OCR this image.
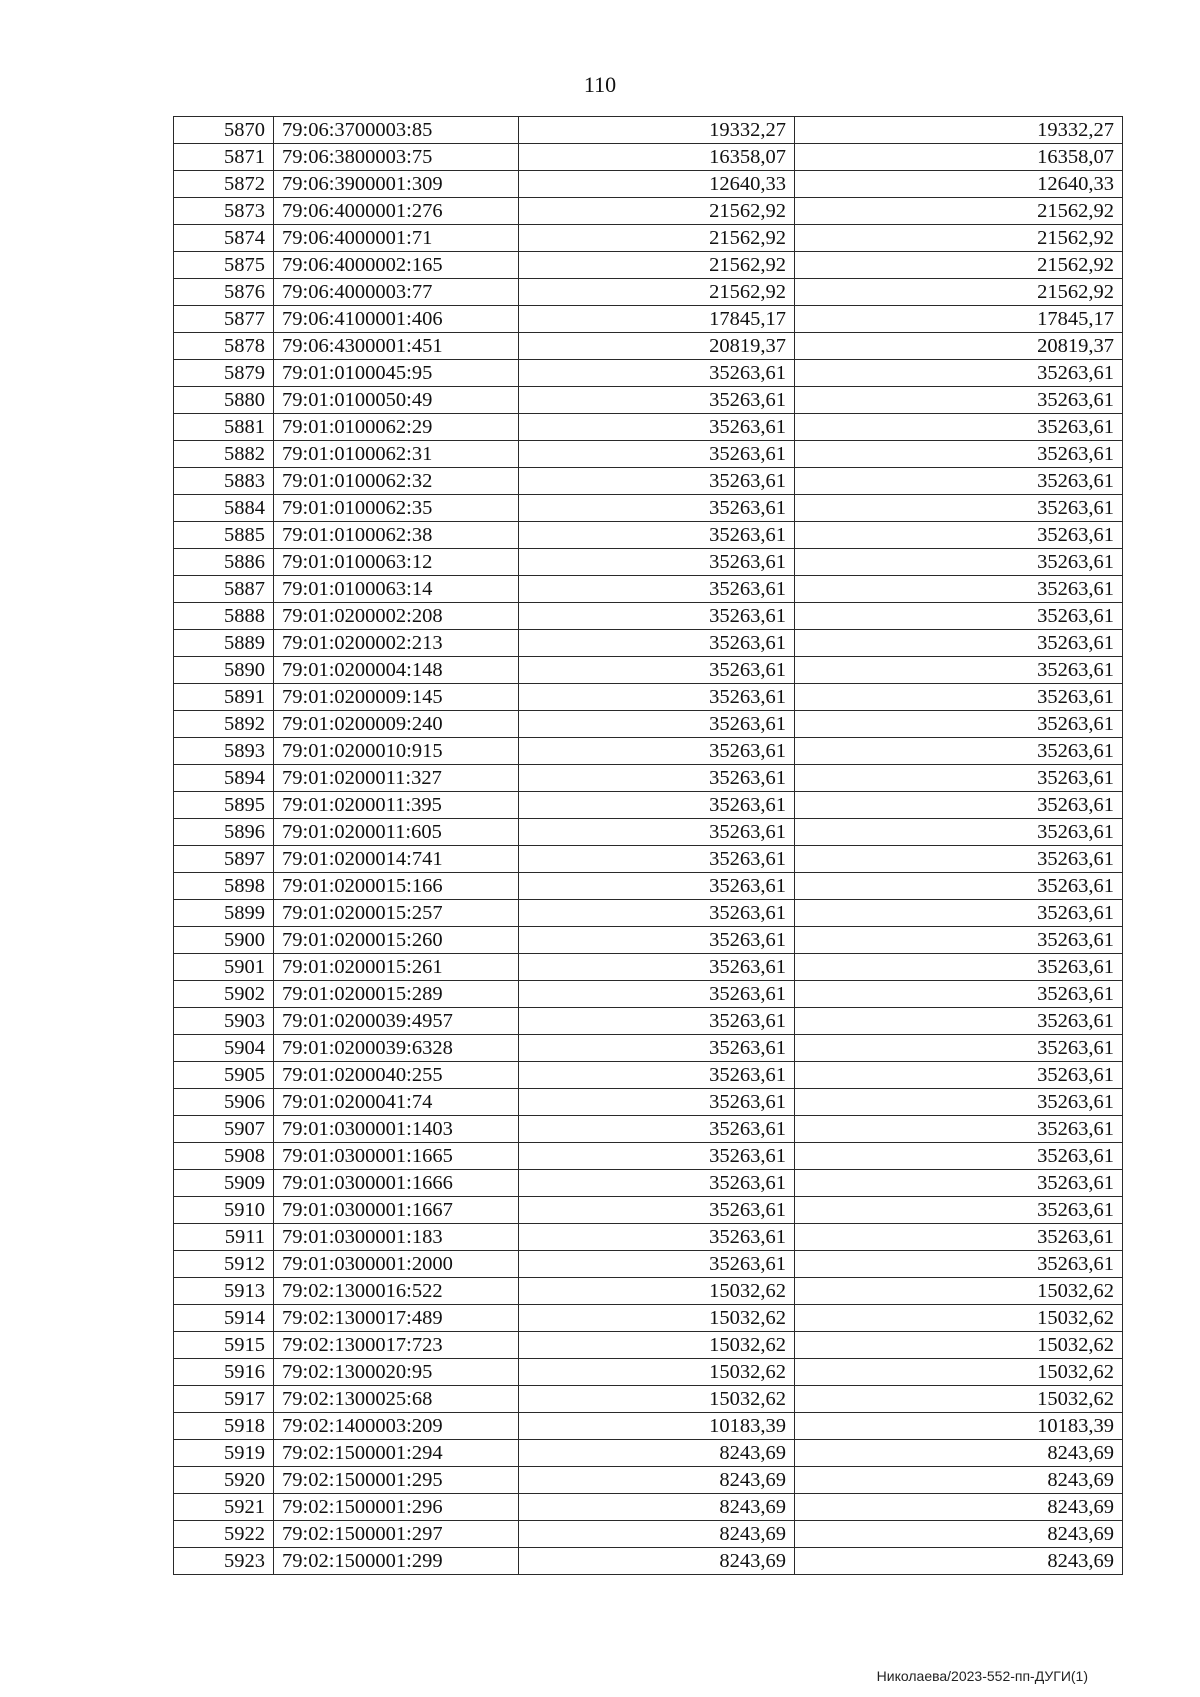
110
5870	79:06:3700003:85	19332,27	19332,27
5871	79:06:3800003:75	16358,07	16358,07
5872	79:06:3900001:309	12640,33	12640,33
5873	79:06:4000001:276	21562,92	21562,92
5874	79:06:4000001:71	21562,92	21562,92
5875	79:06:4000002:165	21562,92	21562,92
5876	79:06:4000003:77	21562,92	21562,92
5877	79:06:4100001:406	17845,17	17845,17
5878	79:06:4300001:451	20819,37	20819,37
5879	79:01:0100045:95	35263,61	35263,61
5880	79:01:0100050:49	35263,61	35263,61
5881	79:01:0100062:29	35263,61	35263,61
5882	79:01:0100062:31	35263,61	35263,61
5883	79:01:0100062:32	35263,61	35263,61
5884	79:01:0100062:35	35263,61	35263,61
5885	79:01:0100062:38	35263,61	35263,61
5886	79:01:0100063:12	35263,61	35263,61
5887	79:01:0100063:14	35263,61	35263,61
5888	79:01:0200002:208	35263,61	35263,61
5889	79:01:0200002:213	35263,61	35263,61
5890	79:01:0200004:148	35263,61	35263,61
5891	79:01:0200009:145	35263,61	35263,61
5892	79:01:0200009:240	35263,61	35263,61
5893	79:01:0200010:915	35263,61	35263,61
5894	79:01:0200011:327	35263,61	35263,61
5895	79:01:0200011:395	35263,61	35263,61
5896	79:01:0200011:605	35263,61	35263,61
5897	79:01:0200014:741	35263,61	35263,61
5898	79:01:0200015:166	35263,61	35263,61
5899	79:01:0200015:257	35263,61	35263,61
5900	79:01:0200015:260	35263,61	35263,61
5901	79:01:0200015:261	35263,61	35263,61
5902	79:01:0200015:289	35263,61	35263,61
5903	79:01:0200039:4957	35263,61	35263,61
5904	79:01:0200039:6328	35263,61	35263,61
5905	79:01:0200040:255	35263,61	35263,61
5906	79:01:0200041:74	35263,61	35263,61
5907	79:01:0300001:1403	35263,61	35263,61
5908	79:01:0300001:1665	35263,61	35263,61
5909	79:01:0300001:1666	35263,61	35263,61
5910	79:01:0300001:1667	35263,61	35263,61
5911	79:01:0300001:183	35263,61	35263,61
5912	79:01:0300001:2000	35263,61	35263,61
5913	79:02:1300016:522	15032,62	15032,62
5914	79:02:1300017:489	15032,62	15032,62
5915	79:02:1300017:723	15032,62	15032,62
5916	79:02:1300020:95	15032,62	15032,62
5917	79:02:1300025:68	15032,62	15032,62
5918	79:02:1400003:209	10183,39	10183,39
5919	79:02:1500001:294	8243,69	8243,69
5920	79:02:1500001:295	8243,69	8243,69
5921	79:02:1500001:296	8243,69	8243,69
5922	79:02:1500001:297	8243,69	8243,69
5923	79:02:1500001:299	8243,69	8243,69
Николаева/2023-552-пп-ДУГИ(1)
